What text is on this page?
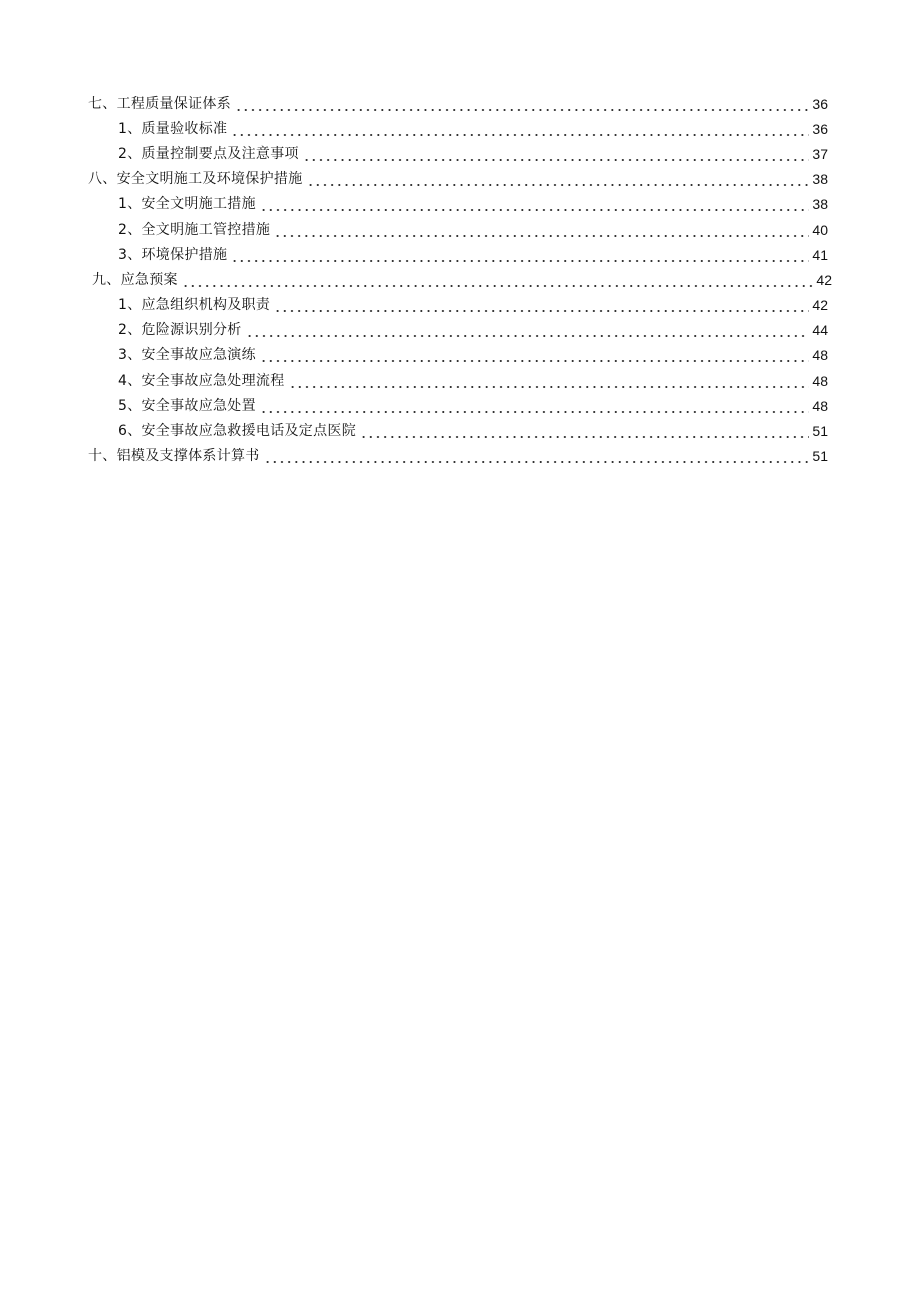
七、工程质量保证体系	36
1、质量验收标准	36
2、质量控制要点及注意事项	37
八、安全文明施工及环境保护措施	38
1、安全文明施工措施	38
2、全文明施工管控措施	40
3、环境保护措施	41
九、应急预案	42
1、应急组织机构及职责	42
2、危险源识别分析	44
3、安全事故应急演练	48
4、安全事故应急处理流程	48
5、安全事故应急处置	48
6、安全事故应急救援电话及定点医院	51
十、铝模及支撑体系计算书	51
